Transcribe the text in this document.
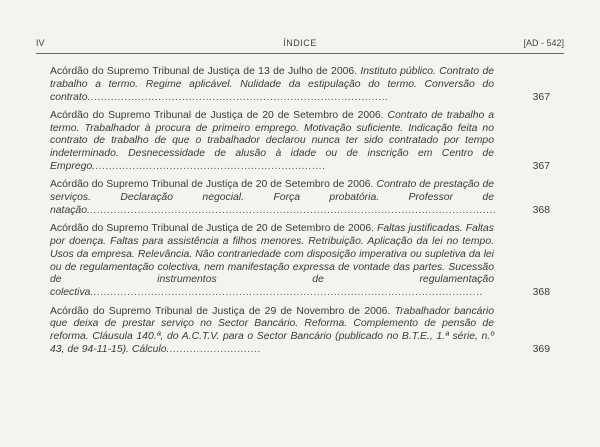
IV	ÍNDICE	[AD - 542]
Acórdão do Supremo Tribunal de Justiça de 13 de Julho de 2006. Instituto público. Contrato de trabalho a termo. Regime aplicável. Nulidade da estipulação do termo. Conversão do contrato.........................................................................................	367
Acórdão do Supremo Tribunal de Justiça de 20 de Setembro de 2006. Contrato de trabalho a termo. Trabalhador à procura de primeiro emprego. Motivação suficiente. Indicação feita no contrato de trabalho de que o trabalhador declarou nunca ter sido contratado por tempo indeterminado. Desnecessidade de alusão à idade ou de inscrição em Centro de Emprego.....................................................................	367
Acórdão do Supremo Tribunal de Justiça de 20 de Setembro de 2006. Contrato de prestação de serviços. Declaração negocial. Força probatória. Professor de natação.........................................................................................................................	368
Acórdão do Supremo Tribunal de Justiça de 20 de Setembro de 2006. Faltas justificadas. Faltas por doença. Faltas para assistência a filhos menores. Retribuição. Aplicação da lei no tempo. Usos da empresa. Relevância. Não contrariedade com disposição imperativa ou supletiva da lei ou de regulamentação colectiva, nem manifestação expressa de vontade das partes. Sucessão de instrumentos de regulamentação colectiva....................................................................................................................	368
Acórdão do Supremo Tribunal de Justiça de 29 de Novembro de 2006. Trabalhador bancário que deixa de prestar serviço no Sector Bancário. Reforma. Complemento de pensão de reforma. Cláusula 140.ª, do A.C.T.V. para o Sector Bancário (publicado no B.T.E., 1.ª série, n.º 43, de 94-11-15). Cálculo............................	369
